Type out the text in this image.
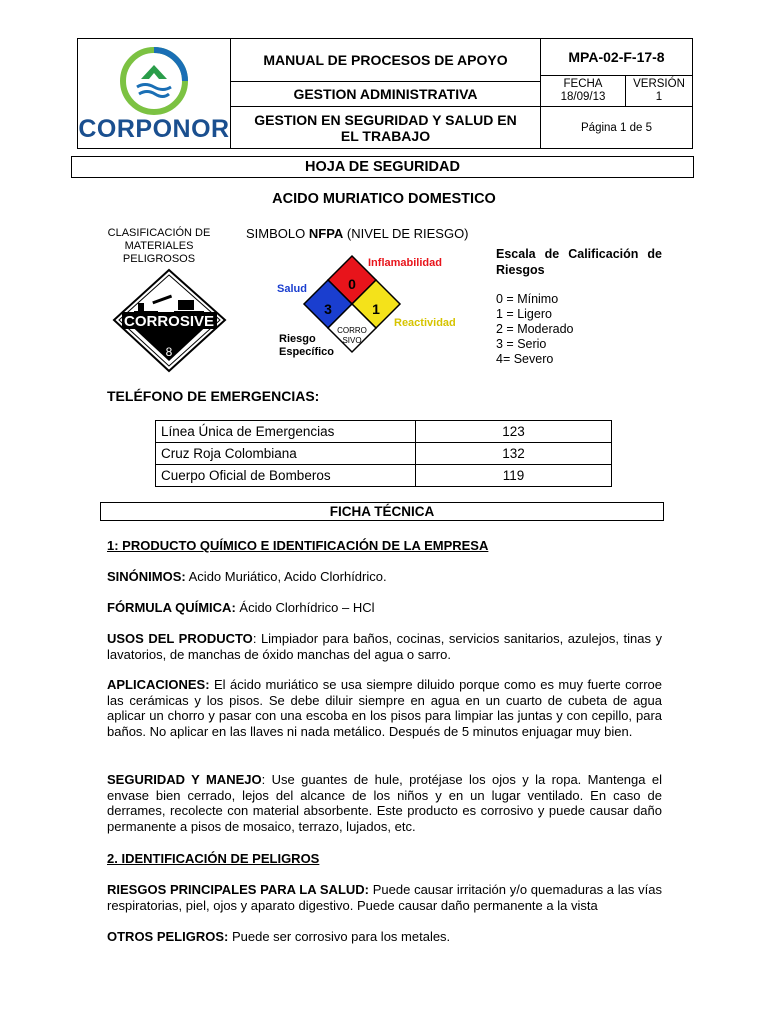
CORPONOR
MANUAL DE PROCESOS DE APOYO	MPA-02-F-17-8
GESTION ADMINISTRATIVA
FECHA
18/09/13
VERSIÓN
1
GESTION EN SEGURIDAD Y SALUD EN EL TRABAJO	Página 1 de 5
HOJA DE SEGURIDAD
ACIDO MURIATICO DOMESTICO
CLASIFICACIÓN DE MATERIALES PELIGROSOS
CORROSIVE
8
SIMBOLO NFPA (NIVEL DE RIESGO)
0
3	1
CORRO
SIVO
Inflamabilidad
Salud
Reactividad
Riesgo Específico
Escala de Calificación de Riesgos
0 = Mínimo
1 = Ligero
2 = Moderado
3 = Serio
4= Severo
TELÉFONO DE EMERGENCIAS:
Línea Única de Emergencias	123
Cruz Roja Colombiana	132
Cuerpo Oficial de Bomberos	119
FICHA TÉCNICA
1: PRODUCTO QUÍMICO E IDENTIFICACIÓN DE LA EMPRESA
SINÓNIMOS: Acido Muriático, Acido Clorhídrico.
FÓRMULA QUÍMICA: Ácido Clorhídrico – HCl
USOS DEL PRODUCTO: Limpiador para baños, cocinas, servicios sanitarios, azulejos, tinas y lavatorios, de manchas de óxido manchas del agua o sarro.
APLICACIONES: El ácido muriático se usa siempre diluido porque como es muy fuerte corroe las cerámicas y los pisos. Se debe diluir siempre en agua en un cuarto de cubeta de agua aplicar un chorro y pasar con una escoba en los pisos para limpiar las juntas y con cepillo, para baños. No aplicar en las llaves ni nada metálico. Después de 5 minutos enjuagar muy bien.
SEGURIDAD Y MANEJO: Use guantes de hule, protéjase los ojos y la ropa. Mantenga el envase bien cerrado, lejos del alcance de los niños y en un lugar ventilado. En caso de derrames, recolecte con material absorbente. Este producto es corrosivo y puede causar daño permanente a pisos de mosaico, terrazo, lujados, etc.
2. IDENTIFICACIÓN DE PELIGROS
RIESGOS PRINCIPALES PARA LA SALUD: Puede causar irritación y/o quemaduras a las vías respiratorias, piel, ojos y aparato digestivo. Puede causar daño permanente a la vista
OTROS PELIGROS: Puede ser corrosivo para los metales.
